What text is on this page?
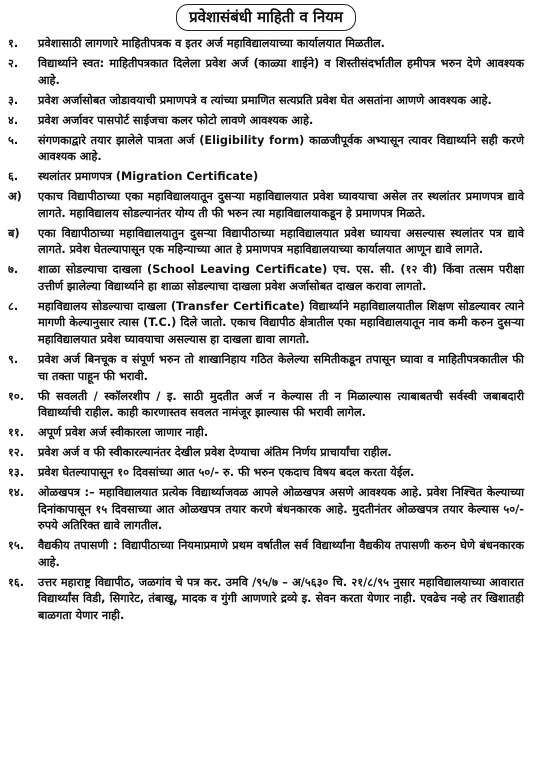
प्रवेशासंबंधी माहिती व नियम
१.	प्रवेशासाठी लागणारे माहितीपत्रक व इतर अर्ज महाविद्यालयाच्या कार्यालयात मिळतील.
२.	विद्यार्थ्याने स्वत: माहितीपत्रकात दिलेला प्रवेश अर्ज (काळ्या शाईने) व शिस्तीसंदर्भातील हमीपत्र भरुन देणे आवश्यक आहे.
३.	प्रवेश अर्जासोबत जोडावयाची प्रमाणपत्रे व त्यांच्या प्रमाणित सत्यप्रति प्रवेश घेत असतांना आणणे आवश्यक आहे.
४.	प्रवेश अर्जावर पासपोर्ट साईजचा कलर फोटो लावणे आवश्यक आहे.
५.	संगणकाद्वारे तयार झालेले पात्रता अर्ज (Eligibility form) काळजीपूर्वक अभ्यासून त्यावर विद्यार्थ्याने सही करणे आवश्यक आहे.
६.	स्थलांतर प्रमाणपत्र (Migration Certificate)
अ)	एकाच विद्यापीठाच्या एका महाविद्यालयातून दुसऱ्या महाविद्यालयात प्रवेश घ्यावयाचा असेल तर स्थलांतर प्रमाणपत्र द्यावे लागते. महाविद्यालय सोडल्यानंतर योग्य ती फी भरुन त्या महाविद्यालयाकडून हे प्रमाणपत्र मिळते.
ब)	एका विद्यापीठाच्या महाविद्यालयातुन दुसऱ्या विद्यापीठाच्या महाविद्यालयात प्रवेश घ्यायचा असल्यास स्थलांतर पत्र द्यावे लागते. प्रवेश घेतल्यापासून एक महिन्याच्या आत हे प्रमाणपत्र महाविद्यालयाच्या कार्यालयात आणून द्यावे लागते.
७.	शाळा सोडल्याचा दाखला (School Leaving Certificate) एच. एस. सी. (१२ वी) किंवा तत्सम परीक्षा उत्तीर्ण झालेल्या विद्यार्थ्याने हा शाळा सोडल्याचा दाखला प्रवेश अर्जासोबत दाखल करावा लागतो.
८.	महाविद्यालय सोडल्याचा दाखला (Transfer Certificate) विद्यार्थ्याने महाविद्यालयातील शिक्षण सोडल्यावर त्याने मागणी केल्यानुसार त्यास (T.C.) दिले जातो. एकाच विद्यापीठ क्षेत्रातील एका महाविद्यालयातून नाव कमी करुन दुसऱ्या महाविद्यालयात प्रवेश घ्यावयाचा असल्यास हा दाखला द्यावा लागतो.
९.	प्रवेश अर्ज बिनचूक व संपूर्ण भरुन तो शाखानिहाय गठित केलेल्या समितीकडून तपासून घ्यावा व माहितीपत्रकातील फी चा तक्ता पाहून फी भरावी.
१०.	फी सवलती / स्कॉलरशीप / इ. साठी मुदतीत अर्ज न केल्यास ती न मिळाल्यास त्याबाबतची सर्वस्वी जबाबदारी विद्यार्थ्याची राहील. काही कारणास्तव सवलत नामंजूर झाल्यास फी भरावी लागेल.
११.	अपूर्ण प्रवेश अर्ज स्वीकारला जाणार नाही.
१२.	प्रवेश अर्ज व फी स्वीकारल्यानंतर देखील प्रवेश देण्याचा अंतिम निर्णय प्राचार्यांचा राहील.
१३.	प्रवेश घेतल्यापासून १० दिवसांच्या आत ५०/- रु. फी भरुन एकदाच विषय बदल करता येईल.
१४.	ओळखपत्र :– महाविद्यालयात प्रत्येक विद्यार्थ्याजवळ आपले ओळखपत्र असणे आवश्यक आहे. प्रवेश निश्चित केल्याच्या दिनांकापासून १५ दिवसाच्या आत ओळखपत्र तयार करणे बंधनकारक आहे. मुदतीनंतर ओळखपत्र तयार केल्यास ५०/- रुपये अतिरिक्त द्यावे लागतील.
१५.	वैद्यकीय तपासणी : विद्यापीठाच्या नियमाप्रमाणे प्रथम वर्षातील सर्व विद्यार्थ्यांना वैद्यकीय तपासणी करुन घेणे बंधनकारक आहे.
१६.	उत्तर महाराष्ट्र विद्यापीठ, जळगांव चे पत्र कर. उमवि /९५/७ – अ/५६३० चि. २१/८/९५ नुसार महाविद्यालयाच्या आवारात विद्यार्थ्यांस विडी, सिगारेट, तंबाखू, मादक व गुंगी आणणारे द्रव्ये इ. सेवन करता येणार नाही. एवढेच नव्हे तर खिशातही बाळगता येणार नाही.
